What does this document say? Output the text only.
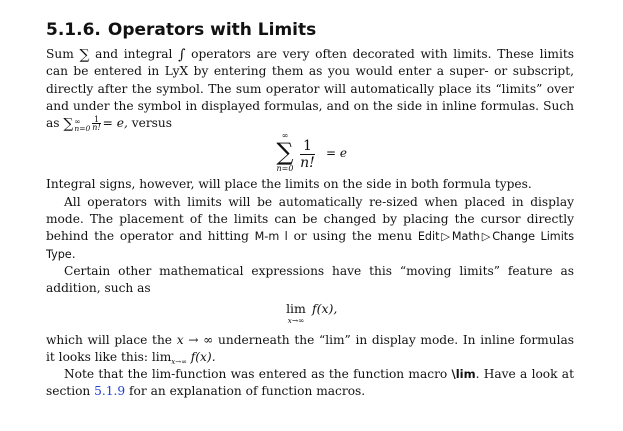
5.1.6. Operators with Limits

Sum ∑ and integral ∫ operators are very often decorated with limits. These limits can be entered in LyX by entering them as you would enter a super- or subscript, directly after the symbol. The sum operator will automatically place its “limits” over and under the symbol in displayed formulas, and on the side in inline formulas. Such as ∑ ∞
$n=0 \frac{1}{n!} = e$, versus

∞
∑
$n=0 \frac{1}{n!} = e$

Integral signs, however, will place the limits on the side in both formula types.

All operators with limits will be automatically re-sized when placed in display mode. The placement of the limits can be changed by placing the cursor directly behind the operator and hitting M-m l or using the menu Edit▷Math▷Change Limits Type.

Certain other mathematical expressions have this “moving limits” feature as addition, such as

lim
x→∞
f(x),

which will place the x → ∞ underneath the “lim” in display mode. In inline formulas it looks like this: limx→∞ f(x).

Note that the lim-function was entered as the function macro \lim. Have a look at section 5.1.9 for an explanation of function macros.
